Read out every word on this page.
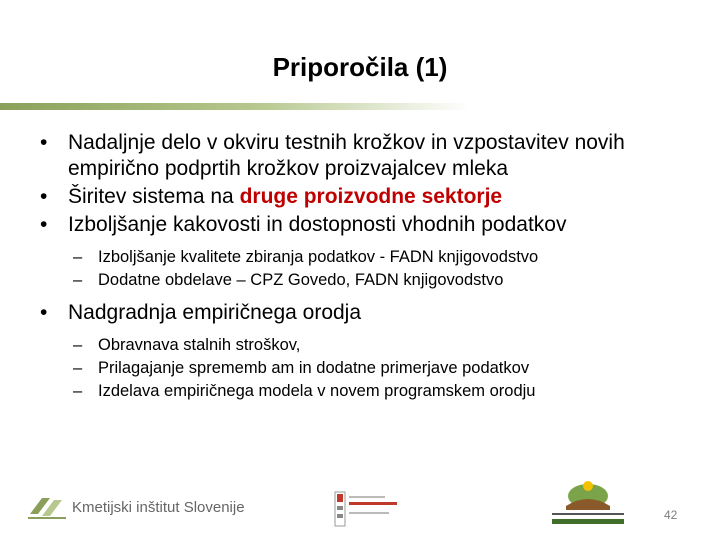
Priporočila (1)
• Nadaljnje delo v okviru testnih krožkov in vzpostavitev novih empirično podprtih krožkov proizvajalcev mleka
• Širitev sistema na druge proizvodne sektorje
• Izboljšanje kakovosti in dostopnosti vhodnih podatkov
– Izboljšanje kvalitete zbiranja podatkov - FADN knjigovodstvo
– Dodatne obdelave – CPZ Govedo, FADN knjigovodstvo
• Nadgradnja empiričnega orodja
– Obravnava stalnih stroškov,
– Prilagajanje sprememb am in dodatne primerjave podatkov
– Izdelava empiričnega modela v novem programskem orodju
Kmetijski inštitut Slovenije	42
